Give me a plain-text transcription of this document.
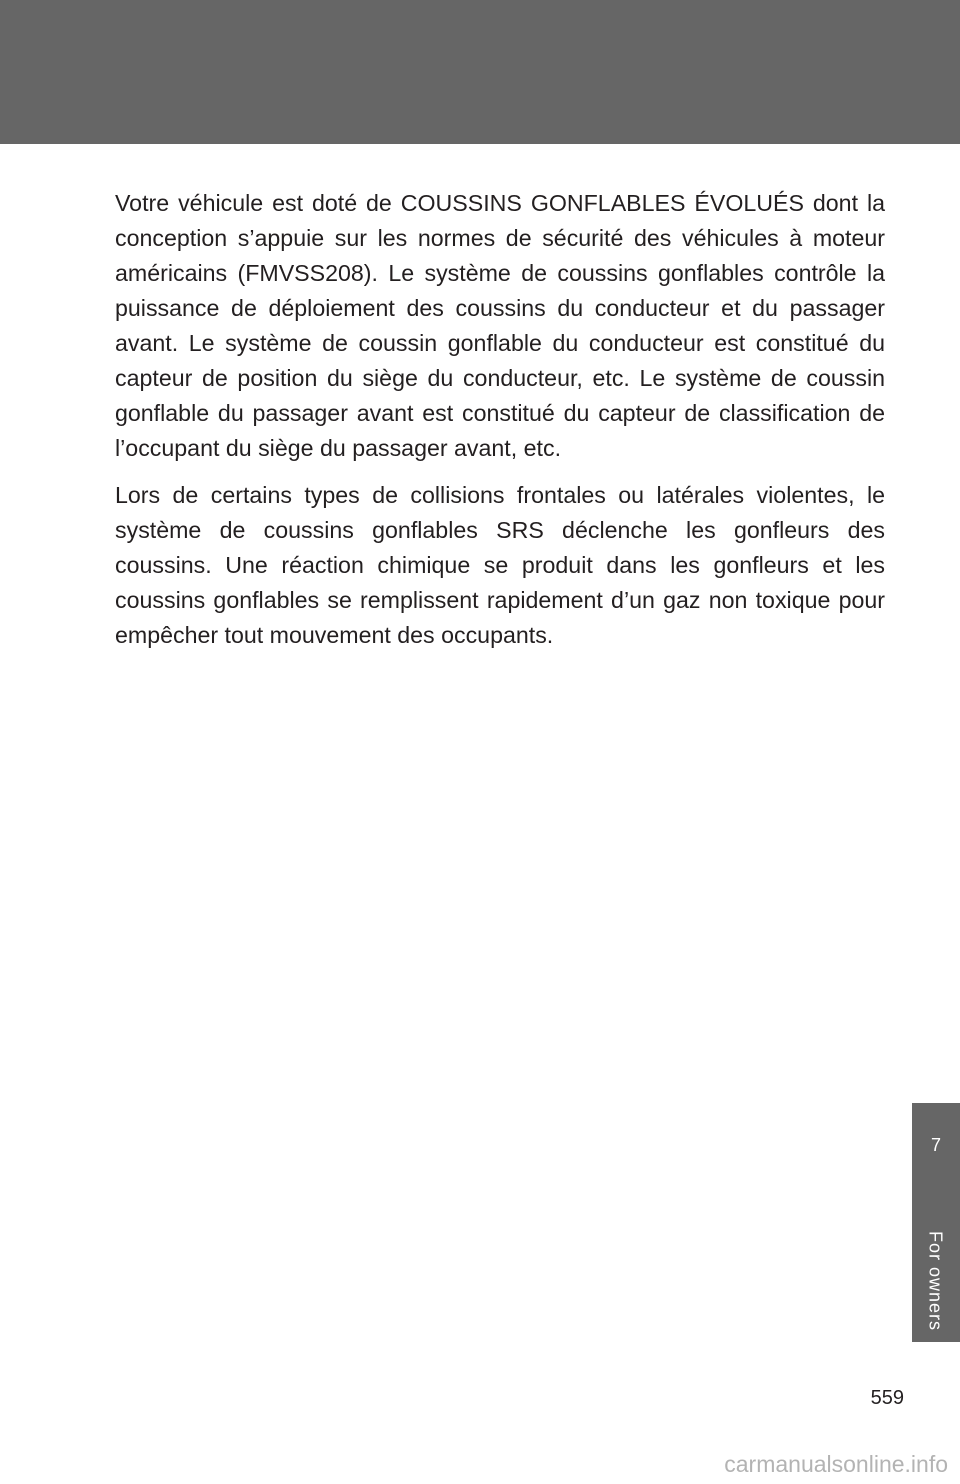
Votre véhicule est doté de COUSSINS GONFLABLES ÉVOLUÉS dont la conception s’appuie sur les normes de sécurité des véhicules à moteur américains (FMVSS208). Le système de coussins gonflables contrôle la puissance de déploiement des coussins du conducteur et du passager avant. Le système de coussin gonflable du conducteur est constitué du capteur de position du siège du conducteur, etc. Le système de coussin gonflable du passager avant est constitué du capteur de classification de l’occupant du siège du passager avant, etc.

Lors de certains types de collisions frontales ou latérales violentes, le système de coussins gonflables SRS déclenche les gonfleurs des coussins. Une réaction chimique se produit dans les gonfleurs et les coussins gonflables se remplissent rapidement d’un gaz non toxique pour empêcher tout mouvement des occupants.

7
For owners
559
carmanualsonline.info
